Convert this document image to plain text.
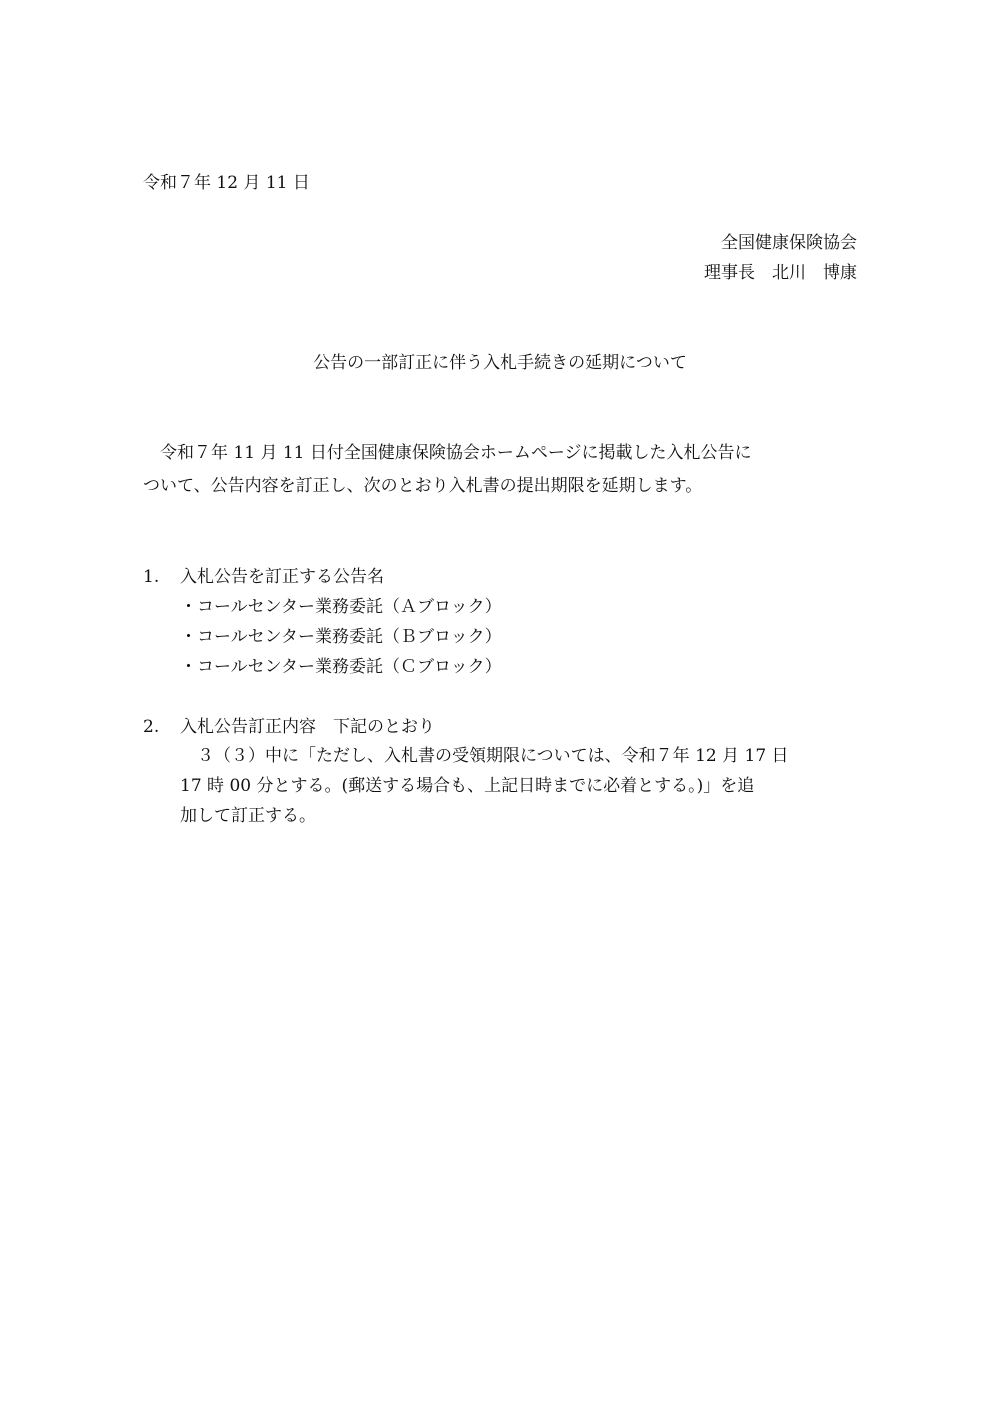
令和７年 12 月 11 日
全国健康保険協会
理事長　北川　博康
公告の一部訂正に伴う入札手続きの延期について
　令和７年 11 月 11 日付全国健康保険協会ホームページに掲載した入札公告に
ついて、公告内容を訂正し、次のとおり入札書の提出期限を延期します。
1. 入札公告を訂正する公告名
・コールセンター業務委託（Ａブロック）
・コールセンター業務委託（Ｂブロック）
・コールセンター業務委託（Ｃブロック）
2. 入札公告訂正内容　下記のとおり
　３（３）中に「ただし、入札書の受領期限については、令和７年 12 月 17 日
17 時 00 分とする。(郵送する場合も、上記日時までに必着とする。)」を追
加して訂正する。
